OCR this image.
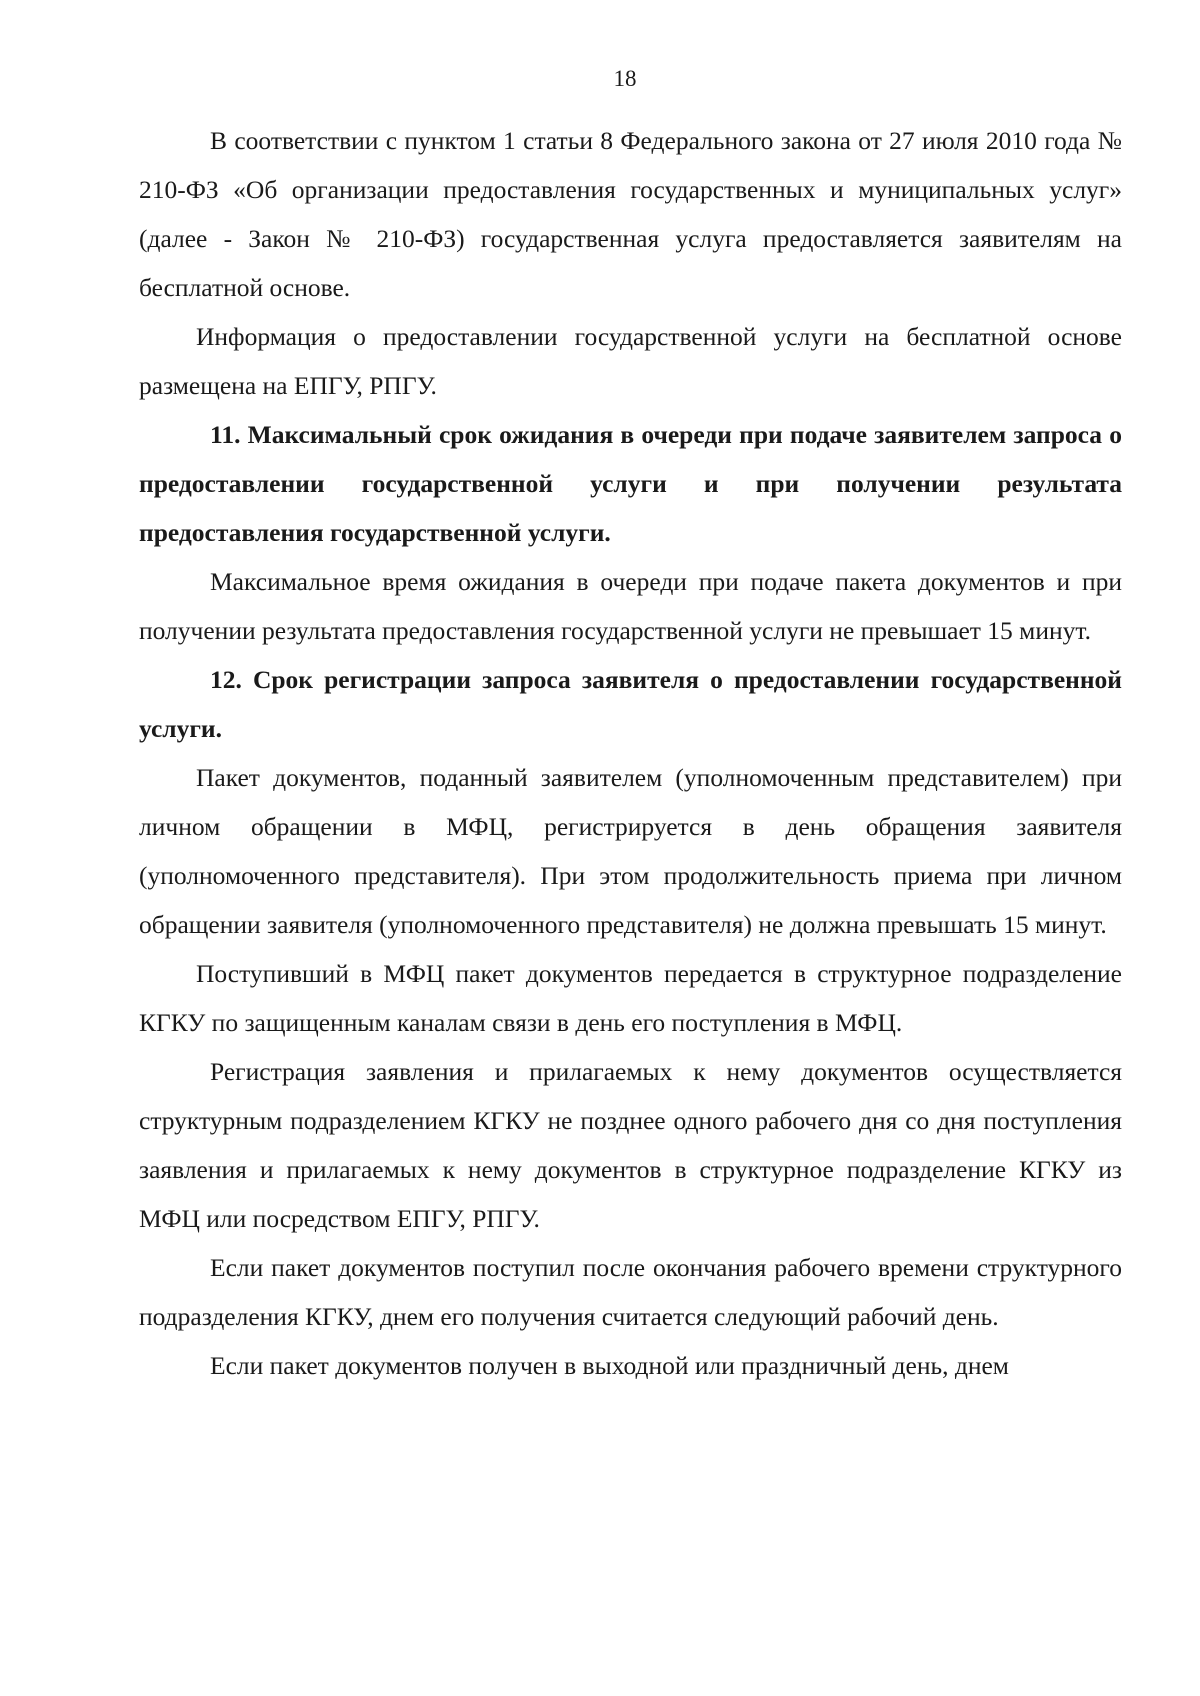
18

В соответствии с пунктом 1 статьи 8 Федерального закона от 27 июля 2010 года № 210-ФЗ «Об организации предоставления государственных и муниципальных услуг» (далее - Закон № 210-ФЗ) государственная услуга предоставляется заявителям на бесплатной основе.

Информация о предоставлении государственной услуги на бесплатной основе размещена на ЕПГУ, РПГУ.

11. Максимальный срок ожидания в очереди при подаче заявителем запроса о предоставлении государственной услуги и при получении результата предоставления государственной услуги.

Максимальное время ожидания в очереди при подаче пакета документов и при получении результата предоставления государственной услуги не превышает 15 минут.

12. Срок регистрации запроса заявителя о предоставлении государственной услуги.

Пакет документов, поданный заявителем (уполномоченным представителем) при личном обращении в МФЦ, регистрируется в день обращения заявителя (уполномоченного представителя). При этом продолжительность приема при личном обращении заявителя (уполномоченного представителя) не должна превышать 15 минут.

Поступивший в МФЦ пакет документов передается в структурное подразделение КГКУ по защищенным каналам связи в день его поступления в МФЦ.

Регистрация заявления и прилагаемых к нему документов осуществляется структурным подразделением КГКУ не позднее одного рабочего дня со дня поступления заявления и прилагаемых к нему документов в структурное подразделение КГКУ из МФЦ или посредством ЕПГУ, РПГУ.

Если пакет документов поступил после окончания рабочего времени структурного подразделения КГКУ, днем его получения считается следующий рабочий день.

Если пакет документов получен в выходной или праздничный день, днем
